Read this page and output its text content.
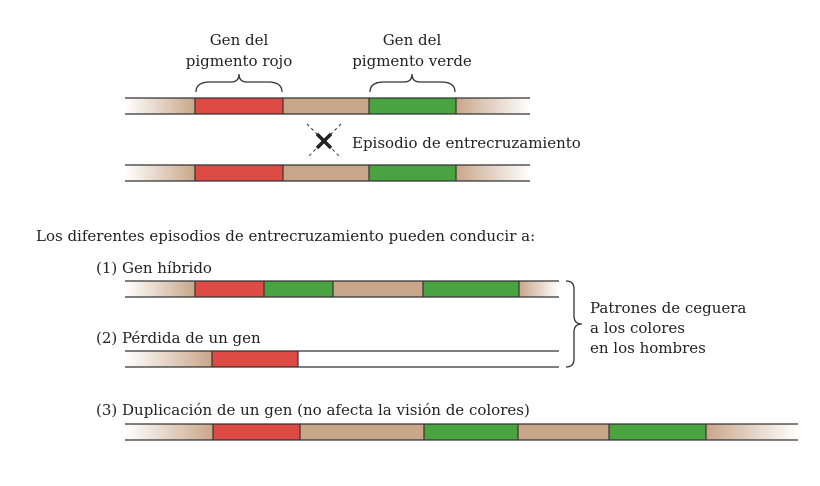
Gen del
pigmento rojo
Gen del
pigmento verde
Episodio de entrecruzamiento
Los diferentes episodios de entrecruzamiento pueden conducir a:
(1) Gen híbrido
(2) Pérdida de un gen
Patrones de ceguera
a los colores
en los hombres
(3) Duplicación de un gen (no afecta la visión de colores)
